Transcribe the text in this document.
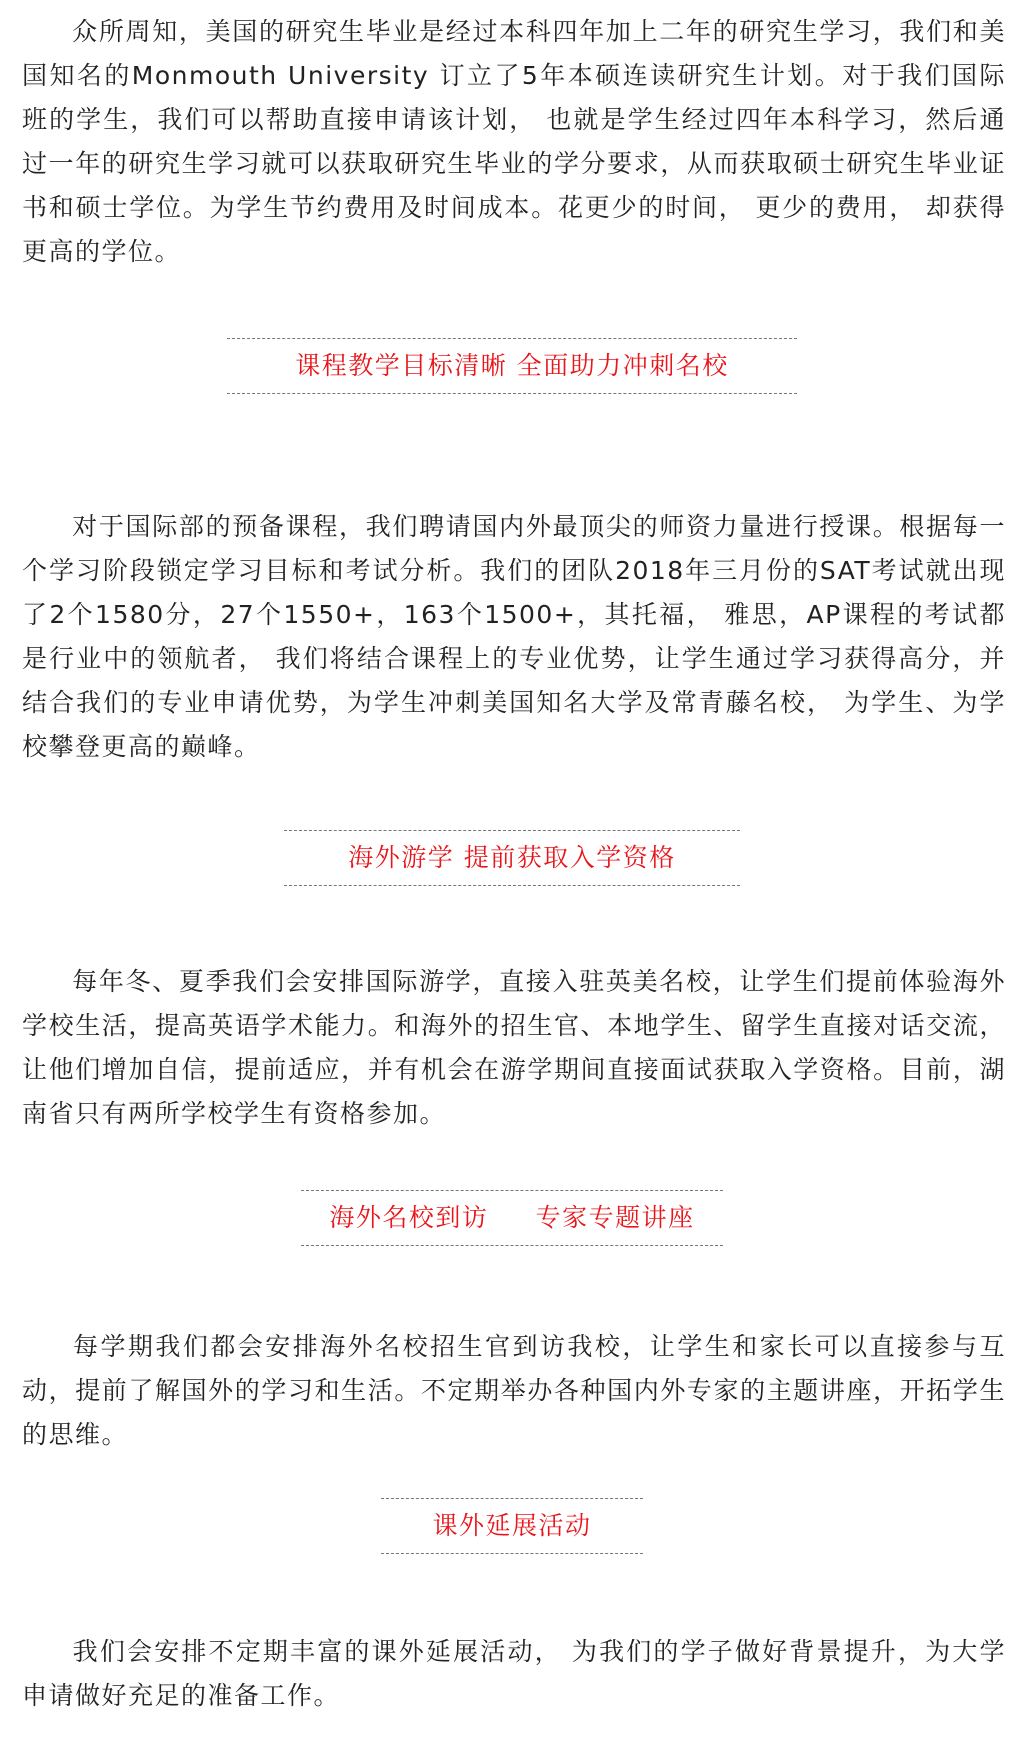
众所周知，美国的研究生毕业是经过本科四年加上二年的研究生学习，我们和美国知名的Monmouth University 订立了5年本硕连读研究生计划。对于我们国际班的学生，我们可以帮助直接申请该计划， 也就是学生经过四年本科学习，然后通过一年的研究生学习就可以获取研究生毕业的学分要求，从而获取硕士研究生毕业证书和硕士学位。为学生节约费用及时间成本。花更少的时间， 更少的费用， 却获得更高的学位。

课程教学目标清晰 全面助力冲刺名校

对于国际部的预备课程，我们聘请国内外最顶尖的师资力量进行授课。根据每一个学习阶段锁定学习目标和考试分析。我们的团队2018年三月份的SAT考试就出现了2个1580分，27个1550+，163个1500+，其托福， 雅思，AP课程的考试都是行业中的领航者， 我们将结合课程上的专业优势，让学生通过学习获得高分，并结合我们的专业申请优势，为学生冲刺美国知名大学及常青藤名校， 为学生、为学校攀登更高的巅峰。

海外游学 提前获取入学资格

每年冬、夏季我们会安排国际游学，直接入驻英美名校，让学生们提前体验海外学校生活，提高英语学术能力。和海外的招生官、本地学生、留学生直接对话交流， 让他们增加自信，提前适应，并有机会在游学期间直接面试获取入学资格。目前，湖南省只有两所学校学生有资格参加。

海外名校到访     专家专题讲座

每学期我们都会安排海外名校招生官到访我校，让学生和家长可以直接参与互动，提前了解国外的学习和生活。不定期举办各种国内外专家的主题讲座，开拓学生的思维。

课外延展活动

我们会安排不定期丰富的课外延展活动， 为我们的学子做好背景提升，为大学申请做好充足的准备工作。
